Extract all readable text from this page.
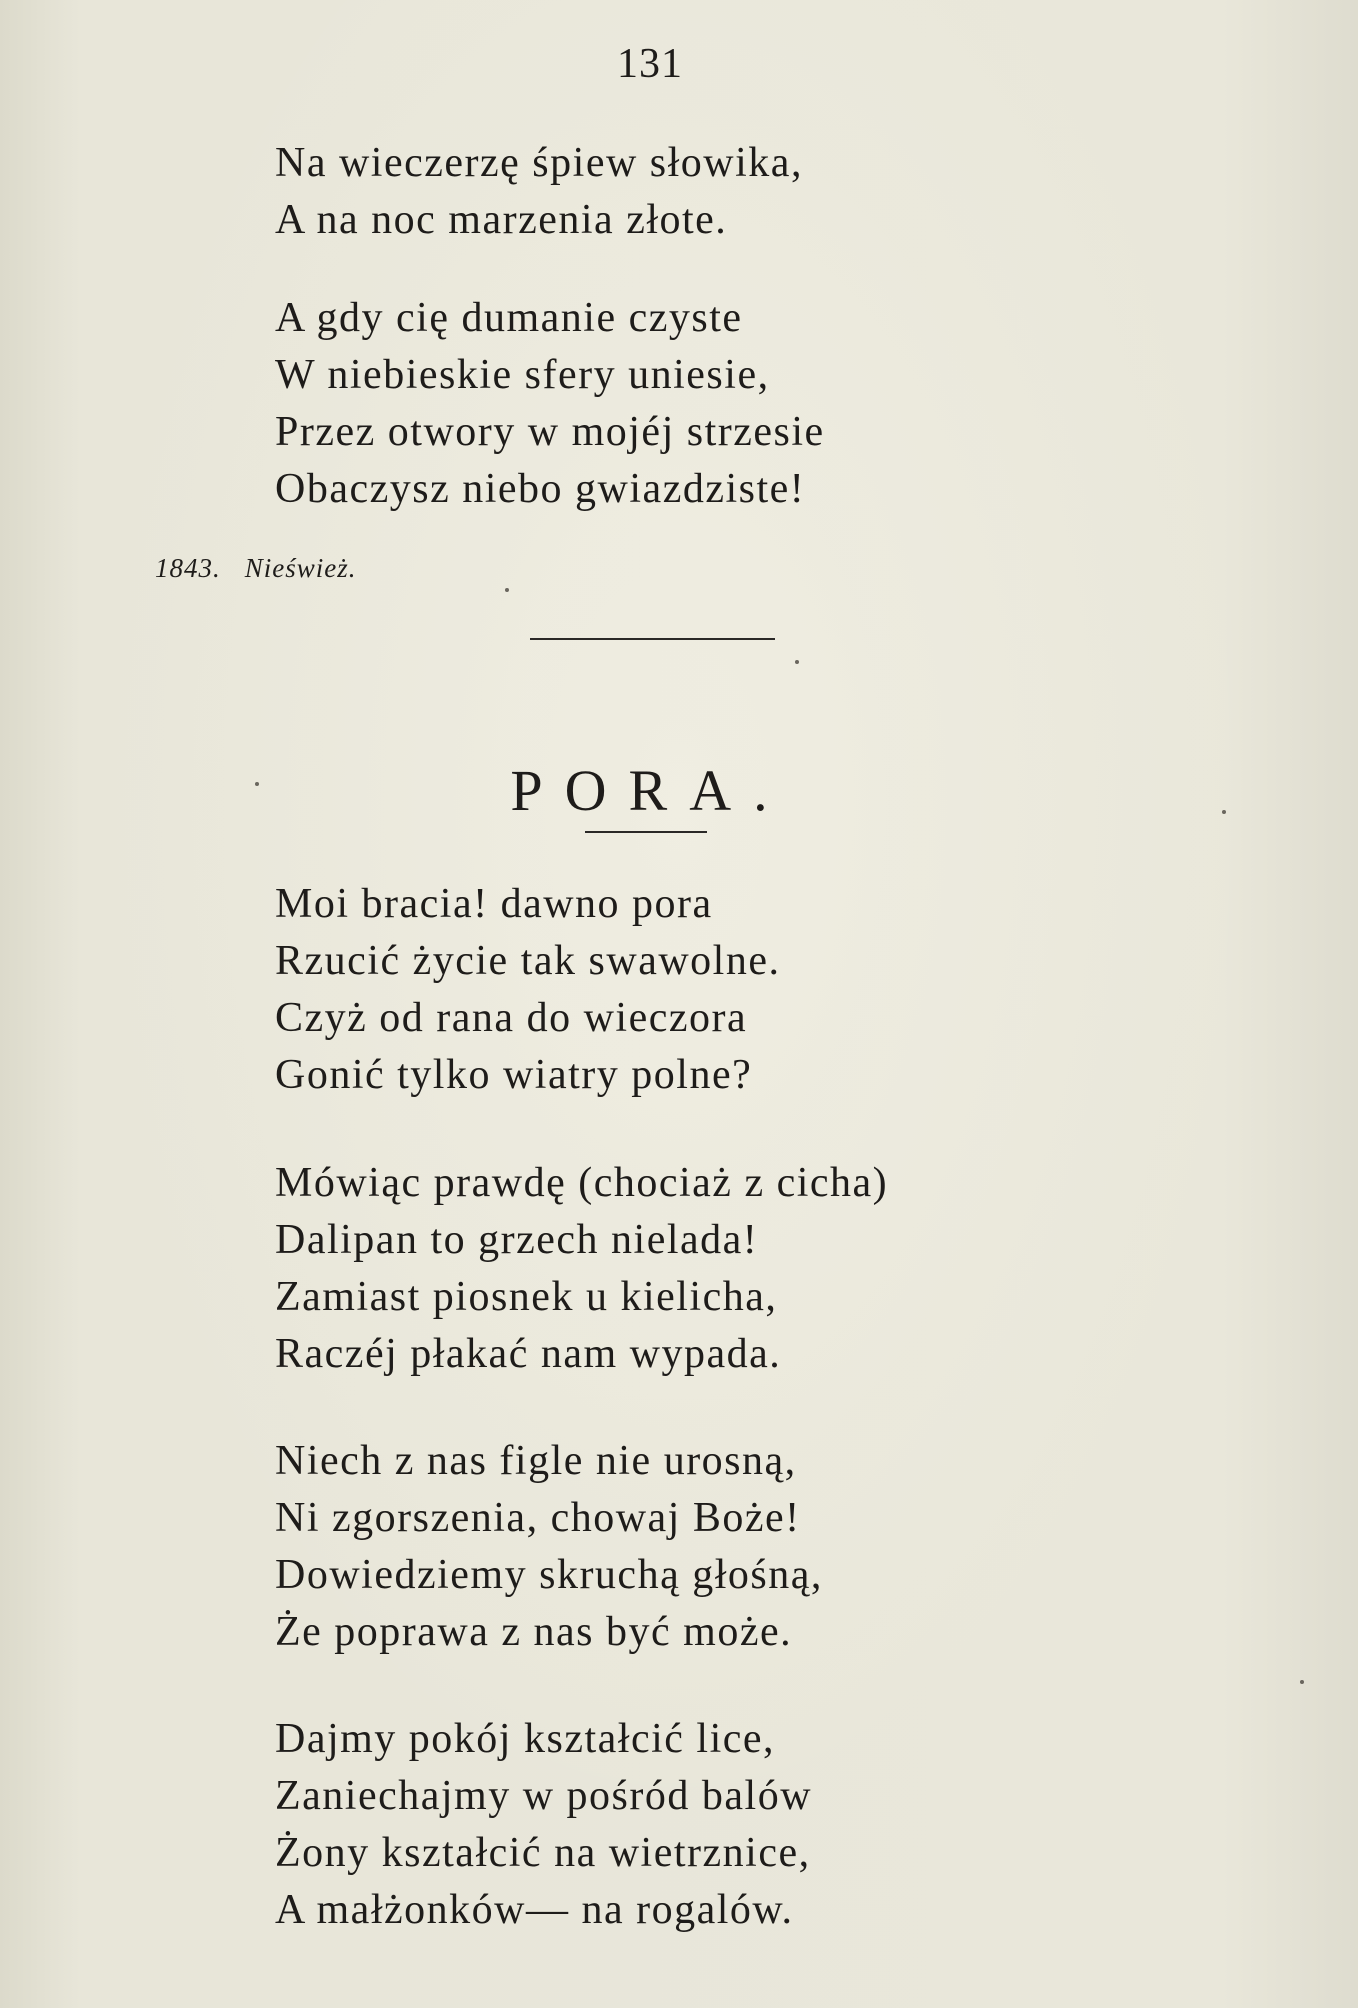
131
Na wieczerzę śpiew słowika,
A na noc marzenia złote.
A gdy cię dumanie czyste
W niebieskie sfery uniesie,
Przez otwory w mojéj strzesie
Obaczysz niebo gwiazdziste!
1843. Nieśwież.
PORA.
Moi bracia! dawno pora
Rzucić życie tak swawolne.
Czyż od rana do wieczora
Gonić tylko wiatry polne?
Mówiąc prawdę (chociaż z cicha)
Dalipan to grzech nielada!
Zamiast piosnek u kielicha,
Raczéj płakać nam wypada.
Niech z nas figle nie urosną,
Ni zgorszenia, chowaj Boże!
Dowiedziemy skruchą głośną,
Że poprawa z nas być może.
Dajmy pokój kształcić lice,
Zaniechajmy w pośród balów
Żony kształcić na wietrznice,
A małżonków— na rogalów.
